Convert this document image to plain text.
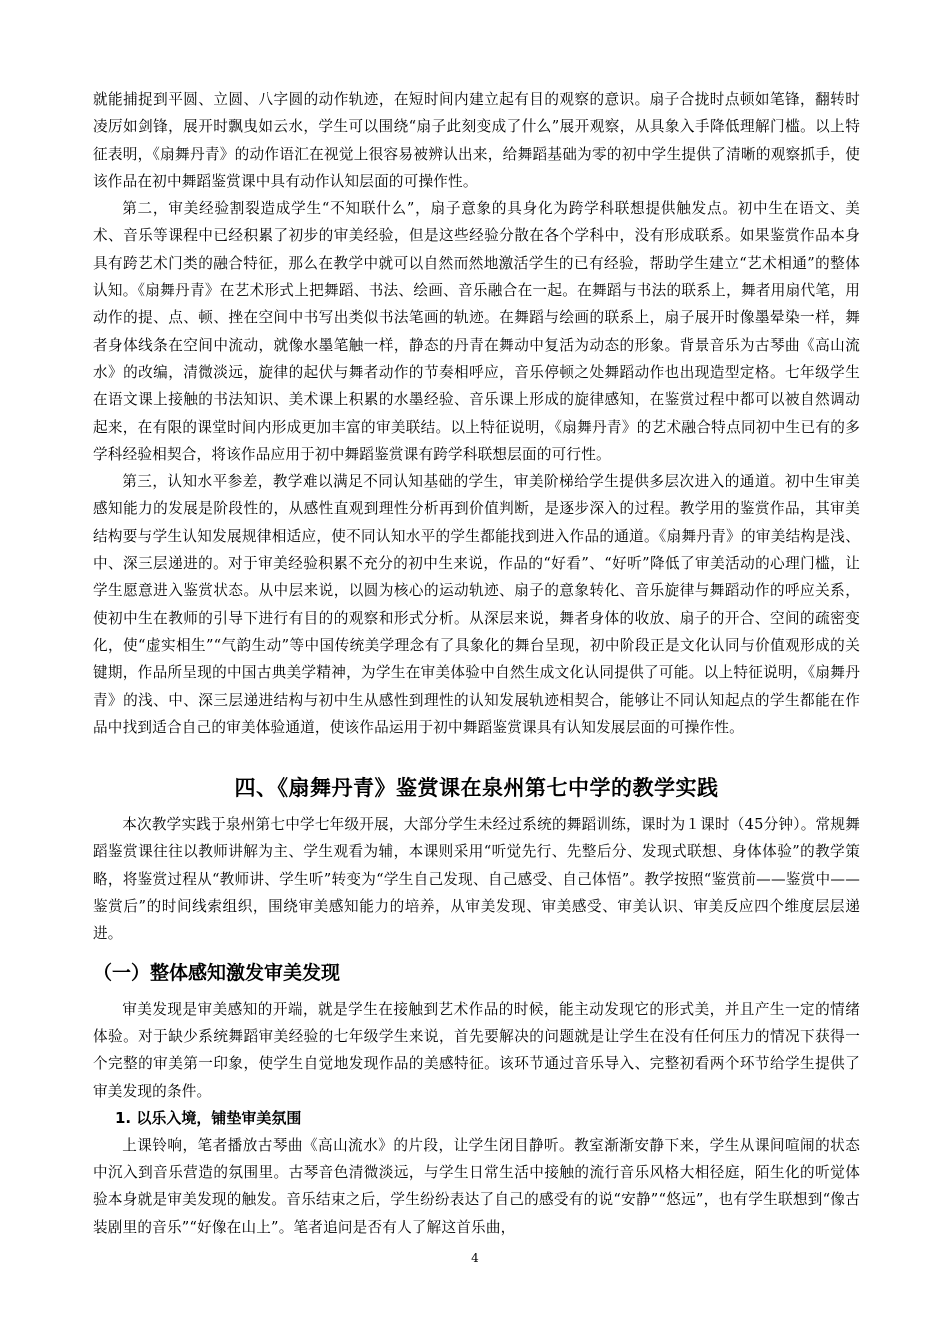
就能捕捉到平圆、立圆、八字圆的动作轨迹，在短时间内建立起有目的观察的意识。扇子合拢时点顿如笔锋，翻转时凌厉如剑锋，展开时飘曳如云水，学生可以围绕“扇子此刻变成了什么”展开观察，从具象入手降低理解门槛。以上特征表明，《扇舞丹青》的动作语汇在视觉上很容易被辨认出来，给舞蹈基础为零的初中学生提供了清晰的观察抓手，使该作品在初中舞蹈鉴赏课中具有动作认知层面的可操作性。

第二，审美经验割裂造成学生“不知联什么”，扇子意象的具身化为跨学科联想提供触发点。初中生在语文、美术、音乐等课程中已经积累了初步的审美经验，但是这些经验分散在各个学科中，没有形成联系。如果鉴赏作品本身具有跨艺术门类的融合特征，那么在教学中就可以自然而然地激活学生的已有经验，帮助学生建立“艺术相通”的整体认知。《扇舞丹青》在艺术形式上把舞蹈、书法、绘画、音乐融合在一起。在舞蹈与书法的联系上，舞者用扇代笔，用动作的提、点、顿、挫在空间中书写出类似书法笔画的轨迹。在舞蹈与绘画的联系上，扇子展开时像墨晕染一样，舞者身体线条在空间中流动，就像水墨笔触一样，静态的丹青在舞动中复活为动态的形象。背景音乐为古琴曲《高山流水》的改编，清微淡远，旋律的起伏与舞者动作的节奏相呼应，音乐停顿之处舞蹈动作也出现造型定格。七年级学生在语文课上接触的书法知识、美术课上积累的水墨经验、音乐课上形成的旋律感知，在鉴赏过程中都可以被自然调动起来，在有限的课堂时间内形成更加丰富的审美联结。以上特征说明，《扇舞丹青》的艺术融合特点同初中生已有的多学科经验相契合，将该作品应用于初中舞蹈鉴赏课有跨学科联想层面的可行性。

第三，认知水平参差，教学难以满足不同认知基础的学生，审美阶梯给学生提供多层次进入的通道。初中生审美感知能力的发展是阶段性的，从感性直观到理性分析再到价值判断，是逐步深入的过程。教学用的鉴赏作品，其审美结构要与学生认知发展规律相适应，使不同认知水平的学生都能找到进入作品的通道。《扇舞丹青》的审美结构是浅、中、深三层递进的。对于审美经验积累不充分的初中生来说，作品的“好看”、“好听”降低了审美活动的心理门槛，让学生愿意进入鉴赏状态。从中层来说，以圆为核心的运动轨迹、扇子的意象转化、音乐旋律与舞蹈动作的呼应关系，使初中生在教师的引导下进行有目的的观察和形式分析。从深层来说，舞者身体的收放、扇子的开合、空间的疏密变化，使“虚实相生”“气韵生动”等中国传统美学理念有了具象化的舞台呈现，初中阶段正是文化认同与价值观形成的关键期，作品所呈现的中国古典美学精神，为学生在审美体验中自然生成文化认同提供了可能。以上特征说明，《扇舞丹青》的浅、中、深三层递进结构与初中生从感性到理性的认知发展轨迹相契合，能够让不同认知起点的学生都能在作品中找到适合自己的审美体验通道，使该作品运用于初中舞蹈鉴赏课具有认知发展层面的可操作性。

四、《扇舞丹青》鉴赏课在泉州第七中学的教学实践

本次教学实践于泉州第七中学七年级开展，大部分学生未经过系统的舞蹈训练，课时为１课时（45分钟）。常规舞蹈鉴赏课往往以教师讲解为主、学生观看为辅，本课则采用“听觉先行、先整后分、发现式联想、身体体验”的教学策略，将鉴赏过程从“教师讲、学生听”转变为“学生自己发现、自己感受、自己体悟”。教学按照“鉴赏前——鉴赏中——鉴赏后”的时间线索组织，围绕审美感知能力的培养，从审美发现、审美感受、审美认识、审美反应四个维度层层递进。

（一）整体感知激发审美发现

审美发现是审美感知的开端，就是学生在接触到艺术作品的时候，能主动发现它的形式美，并且产生一定的情绪体验。对于缺少系统舞蹈审美经验的七年级学生来说，首先要解决的问题就是让学生在没有任何压力的情况下获得一个完整的审美第一印象，使学生自觉地发现作品的美感特征。该环节通过音乐导入、完整初看两个环节给学生提供了审美发现的条件。

1. 以乐入境，铺垫审美氛围

上课铃响，笔者播放古琴曲《高山流水》的片段，让学生闭目静听。教室渐渐安静下来，学生从课间喧闹的状态中沉入到音乐营造的氛围里。古琴音色清微淡远，与学生日常生活中接触的流行音乐风格大相径庭，陌生化的听觉体验本身就是审美发现的触发。音乐结束之后，学生纷纷表达了自己的感受有的说“安静”“悠远”，也有学生联想到“像古装剧里的音乐”“好像在山上”。笔者追问是否有人了解这首乐曲，

4
